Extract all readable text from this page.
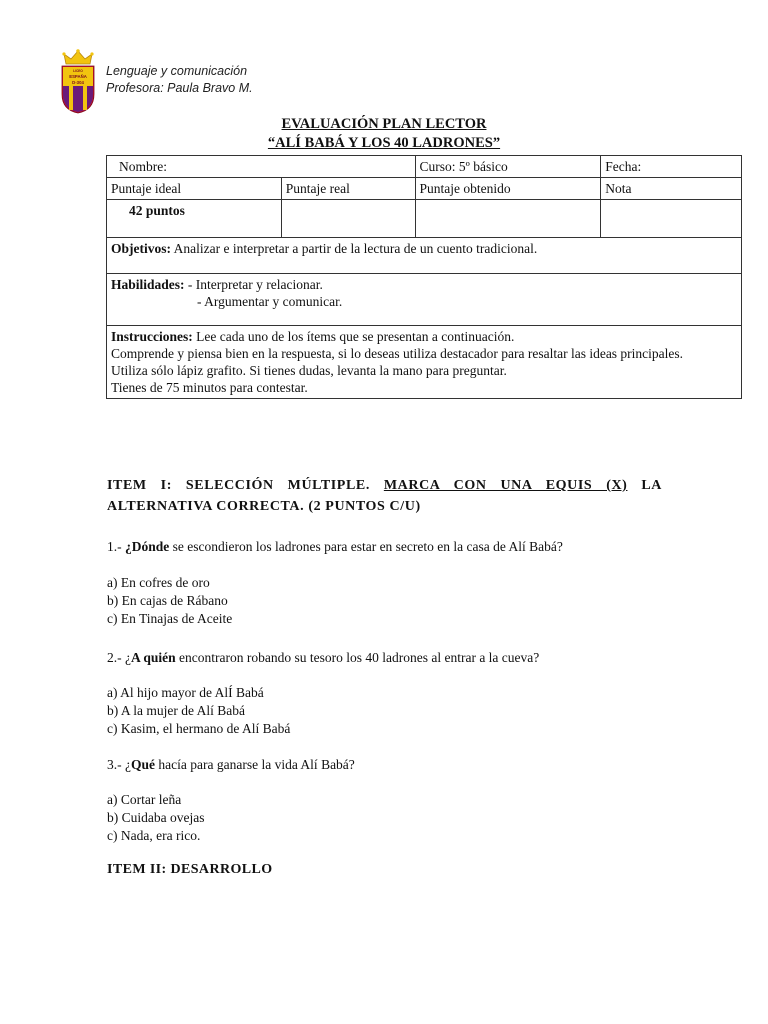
LICEO
ESPAÑA
D-304
Lenguaje y comunicación
Profesora: Paula Bravo M.
EVALUACIÓN PLAN LECTOR
“ALÍ BABÁ Y LOS 40 LADRONES”
Nombre:		Curso: 5º básico	Fecha:
Puntaje ideal	Puntaje real	Puntaje obtenido	Nota
42 puntos			
Objetivos: Analizar e interpretar a partir de la lectura de un cuento tradicional.			

Habilidades: - Interpretar y relacionar.
- Argumentar y comunicar.			

Instrucciones: Lee cada uno de los ítems que se presentan a continuación.
Comprende y piensa bien en la respuesta, si lo deseas utiliza destacador para resaltar las ideas principales.
Utiliza sólo lápiz grafito. Si tienes dudas, levanta la mano para preguntar.
Tienes de 75 minutos para contestar.			
ITEM I: SELECCIÓN MÚLTIPLE. MARCA CON UNA EQUIS (X) LA ALTERNATIVA CORRECTA. (2 PUNTOS C/U)
1.- ¿Dónde se escondieron los ladrones para estar en secreto en la casa de Alí Babá?
a) En cofres de oro
b) En cajas de Rábano
c) En Tinajas de Aceite
2.- ¿A quién encontraron robando su tesoro los 40 ladrones al entrar a la cueva?
a) Al hijo mayor de AlÍ Babá
b) A la mujer de Alí Babá
c) Kasim, el hermano de Alí Babá
3.- ¿Qué hacía para ganarse la vida Alí Babá?
a) Cortar leña
b) Cuidaba ovejas
c) Nada, era rico.
ITEM II: DESARROLLO
